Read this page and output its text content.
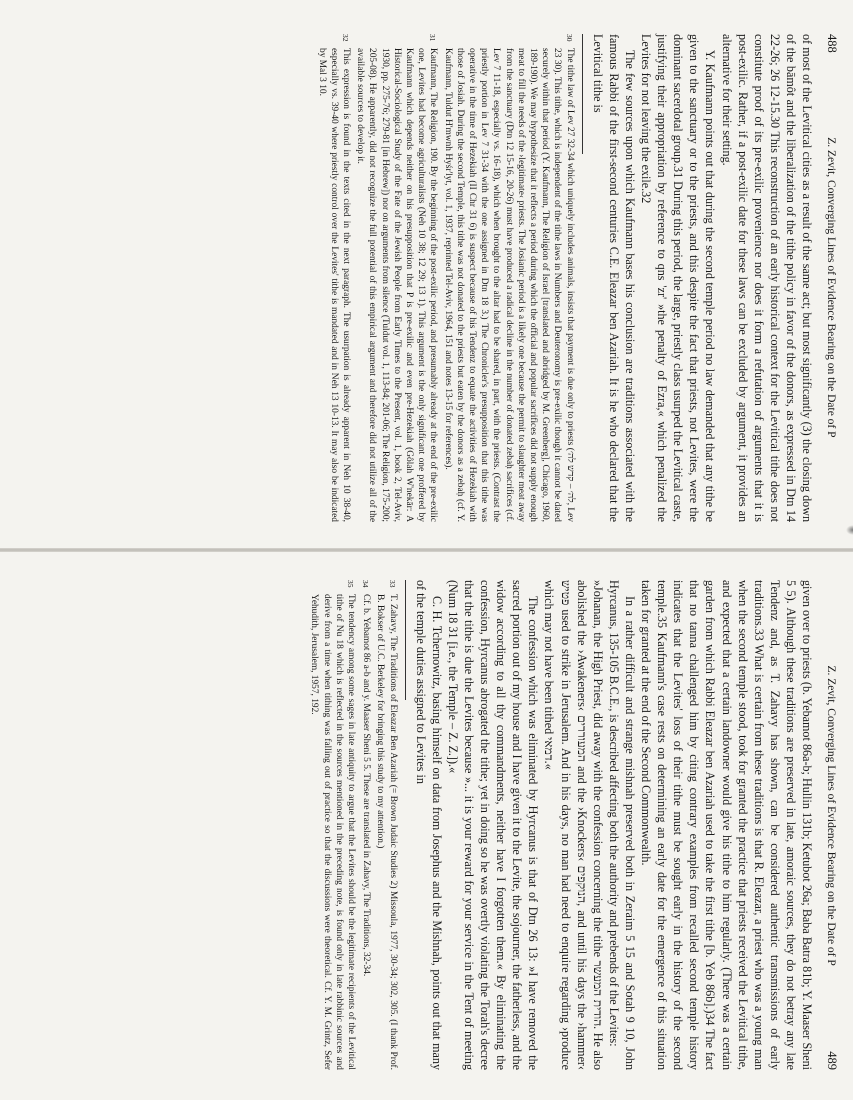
488
Z. Zevit, Converging Lines of Evidence Bearing on the Date of P

of most of the Levitical cities as a result of the same act; but most significantly (3) the closing down of the bāmôt and the liberalization of the tithe policy in favor of the donors, as expressed in Dtn 14 22-26; 26 12-15.30 This reconstruction of an early historical context for the Levitical tithe does not constitute proof of its pre-exilic provenience nor does it form a refutation of arguments that it is post-exilic. Rather, if a post-exilic date for these laws can be excluded by argument, it provides an alternative for their setting.

Y. Kaufmann points out that during the second temple period no law demanded that any tithe be given to the sanctuary or to the priests, and this despite the fact that priests, not Levites, were the dominant sacerdotal group.31 During this period, the large, priestly class usurped the Levitical caste, justifying their appropriation by reference to qns 'zr' »the penalty of Ezra,« which penalized the Levites for not leaving the exile.32

The few sources upon which Kaufmann bases his conclusion are traditions associated with the famous Rabbi of the first-second centuries C.E. Eleazar ben Azariah. It is he who declared that the Levitical tithe is

30
The tithe law of Lev 27 32-34 which uniquely includes animals, insists that payment is due only to priests (לה׳ – קדש לה׳, Lev 23 30). This tithe, which is independent of the tithe laws in Numbers and Deuteronomy is pre-exilic though it cannot be dated securely within that period (Y. Kaufmann, The Religion of Israel [translated and abridged by M. Greenberg], Chicago, 1960, 189-190). We may hypothesize that it reflects a period during which the official and popular sacrifices did not supply enough meat to fill the needs of the ›legitimate‹ priests. The Josianic period is a likely one because the permit to slaughter meat away from the sanctuary (Dtn 12 15-16, 20-26) must have produced a radical decline in the number of donated zebaḥ sacrifices (cf. Lev 7 11-18, especially vs. 16-18), which when brought to the altar had to be shared, in part, with the priests. (Contrast the priestly portion in Lev 7 31-34 with the one assigned in Dtn 18 3.) The Chronicler's presupposition that this tithe was operative in the time of Hezekiah (II Chr 31 6) is suspect because of his Tendenz to equate the activities of Hezekiah with those of Josiah. During the second Temple, this tithe was not donated to the priests but eaten by the donors as a zebaḥ (cf. Y. Kaufmann, Tuldut H'mwnh Hyśr'lyt, vol. 1, 1937, reprinted Tel-Aviv, 1964, 151 and notes 13-15 for references).
31
Kaufmann, The Religion, 190. By the beginning of the post-exilic period, and presumably already at the end of the pre-exilic one, Levites had become agriculturalists (Neh 10 38; 12 29; 13 1). This argument is the only significant one proffered by Kaufmann which depends neither on his presupposition that P is pre-exilic and even pre-Hezekiah (Gôlah W'nekār: A Historical-Sociological Study of the Fate of the Jewish People from Early Times to the Present, vol. 1, book 2, Tel-Aviv, 1930, pp. 275-76; 279-81 [in Hebrew]) nor on arguments from silence (Tuldut vol. 1, 113-84; 201-06; The Religion, 175-200; 205-08). He apparently, did not recognize the full potential of this empirical argument and therefore did not utilize all of the available sources to develop it.
32
This expression is found in the texts cited in the next paragraph. The usurpation is already apparent in Neh 10 38-40, especially vs. 39-40 where priestly control over the Levites' tithe is mandated and in Neh 13 10-13. It may also be indicated by Mal 3 10.
Z. Zevit, Converging Lines of Evidence Bearing on the Date of P
489

given over to priests (b. Yebamot 86a-b; Hullin 131b; Ketubot 26a; Baba Batra 81b; Y. Maaser Sheni 5 5). Although these traditions are preserved in late, amoraic sources, they do not betray any late Tendenz and, as T. Zahavy has shown, can be considered authentic transmissions of early traditions.33 What is certain from these traditions is that R. Eleazar, a priest who was a young man when the second temple stood, took for granted the practice that priests received the Levitical tithe, and expected that a certain landowner would give his tithe to him regularly. (There was a certain garden from which Rabbi Eleazar ben Azariah used to take the first tithe [b. Yeb 86b].)34 The fact that no tanna challenged him by citing contrary examples from recalled second temple history indicates that the Levites' loss of their tithe must be sought early in the history of the second temple.35 Kaufmann's case rests on determining an early date for the emergence of this situation taken for granted at the end of the Second Commonwealth.

In a rather difficult and strange mishnah preserved both in Zeraim 5 15 and Sotah 9 10, John Hyrcanus, 135-105 B.C.E., is described affecting both the authority and prebends of the Levites:

»Johanan, the High Priest, did away with the confession concerning the tithe ‏הודית המעשר‎. He also abolished the ›Awakeners‹ ‏המעוררים‎ and the ›Knockers‹ ‏הנוקפים‎, and until his days the ›hammer‹ ‏פטיש‎ used to strike in Jerusalem. And in his days, no man had need to enquire regarding ›produce which may not have been tithed ‏דמאי‎.«

The confession which was eliminated by Hyrcanus is that of Dtn 26 13: »I have removed the sacred portion out of my house and I have given it to the Levite, the sojourner, the fatherless, and the widow according to all thy commandments, neither have I forgotten them.« By eliminating the confession, Hyrcanus abrogated the tithe; yet in doing so he was overtly violating the Torah's decree that the tithe is due the Levites because »... it is your reward for your service in the Tent of meeting (Num 18 31 [i.e., the Temple – Z. Z.]).«

C. H. Tchernowitz, basing himself on data from Josephus and the Mishnah, points out that many of the temple duties assigned to Levites in

33
T. Zahavy, The Traditions of Eleazar Ben Azariah (= Brown Judaic Studies 2) Missoula, 1977, 30-34; 302, 305. (I thank Prof. B. Bokser of U.C. Berkeley for bringing this study to my attention.)
34
Cf. b. Yebamot 86 a-b and y. Maaser Sheni 5 5. These are translated in Zahavy, The Traditions, 32-34.
35
The tendency among some sages in late antiquity to argue that the Levites should be the legitimate recipients of the Levitical tithe of Nu 18 which is reflected in the sources mentioned in the preceding note, is found only in late rabbinic sources and derive from a time when tithing was falling out of practice so that the discussions were theoretical. Cf. Y. M. Grintz, Sefer Yehudith, Jerusalem, 1957, 192.
